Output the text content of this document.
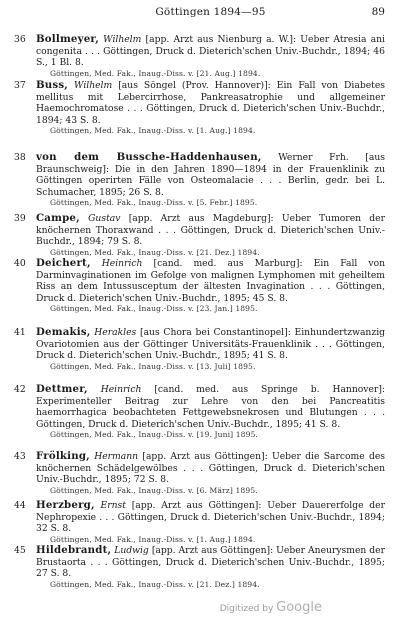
Göttingen 1894—95	89
36 Bollmeyer, Wilhelm [app. Arzt aus Nienburg a. W.]: Ueber Atresia ani congenita . . . Göttingen, Druck d. Dieterich'schen Univ.-Buchdr., 1894; 46 S., 1 Bl. 8.
Göttingen, Med. Fak., Inaug.-Diss. v. [21. Aug.] 1894.
37 Buss, Wilhelm [aus Söngel (Prov. Hannover)]: Ein Fall von Diabetes mellitus mit Lebercirrhose, Pankreasatrophie und allgemeiner Haemochromatose . . . Göttingen, Druck d. Dieterich'schen Univ.-Buchdr., 1894; 43 S. 8.
Göttingen, Med. Fak., Inaug.-Diss. v. [1. Aug.] 1894.
38 von dem Bussche-Haddenhausen, Werner Frh. [aus Braunschweig]: Die in den Jahren 1890—1894 in der Frauenklinik zu Göttingen operirten Fälle von Osteomalacie . . . Berlin, gedr. bei L. Schumacher, 1895; 26 S. 8.
Göttingen, Med. Fak., Inaug.-Diss. v. [5. Febr.] 1895.
39 Campe, Gustav [app. Arzt aus Magdeburg]: Ueber Tumoren der knöchernen Thoraxwand . . . Göttingen, Druck d. Dieterich'schen Univ.-Buchdr., 1894; 79 S. 8.
Göttingen, Med. Fak., Inaug.-Diss. v. [21. Dez.] 1894.
40 Deichert, Heinrich [cand. med. aus Marburg]: Ein Fall von Darminvaginationen im Gefolge von malignen Lymphomen mit geheiltem Riss an dem Intussusceptum der ältesten Invagination . . . Göttingen, Druck d. Dieterich'schen Univ.-Buchdr., 1895; 45 S. 8.
Göttingen, Med. Fak., Inaug.-Diss. v. [23. Jan.] 1895.
41 Demakis, Herakles [aus Chora bei Constantinopel]: Einhundertzwanzig Ovariotomien aus der Göttinger Universitäts-Frauenklinik . . . Göttingen, Druck d. Dieterich'schen Univ.-Buchdr., 1895; 41 S. 8.
Göttingen, Med. Fak., Inaug.-Diss. v. [13. Juli] 1895.
42 Dettmer, Heinrich [cand. med. aus Springe b. Hannover]: Experimenteller Beitrag zur Lehre von den bei Pancreatitis haemorrhagica beobachteten Fettgewebsnekrosen und Blutungen . . . Göttingen, Druck d. Dieterich'schen Univ.-Buchdr., 1895; 41 S. 8.
Göttingen, Med. Fak., Inaug.-Diss. v. [19. Juni] 1895.
43 Frölking, Hermann [app. Arzt aus Göttingen]: Ueber die Sarcome des knöchernen Schädelgewölbes . . . Göttingen, Druck d. Dieterich'schen Univ.-Buchdr., 1895; 72 S. 8.
Göttingen, Med. Fak., Inaug.-Diss. v. [6. März] 1895.
44 Herzberg, Ernst [app. Arzt aus Göttingen]: Ueber Dauererfolge der Nephropexie . . . Göttingen, Druck d. Dieterich'schen Univ.-Buchdr., 1894; 32 S. 8.
Göttingen, Med. Fak., Inaug.-Diss. v. [1. Aug.] 1894.
45 Hildebrandt, Ludwig [app. Arzt aus Göttingen]: Ueber Aneurysmen der Brustaorta . . . Göttingen, Druck d. Dieterich'schen Univ.-Buchdr., 1895; 27 S. 8.
Göttingen, Med. Fak., Inaug.-Diss. v. [21. Dez.] 1894.
Digitized by Google
